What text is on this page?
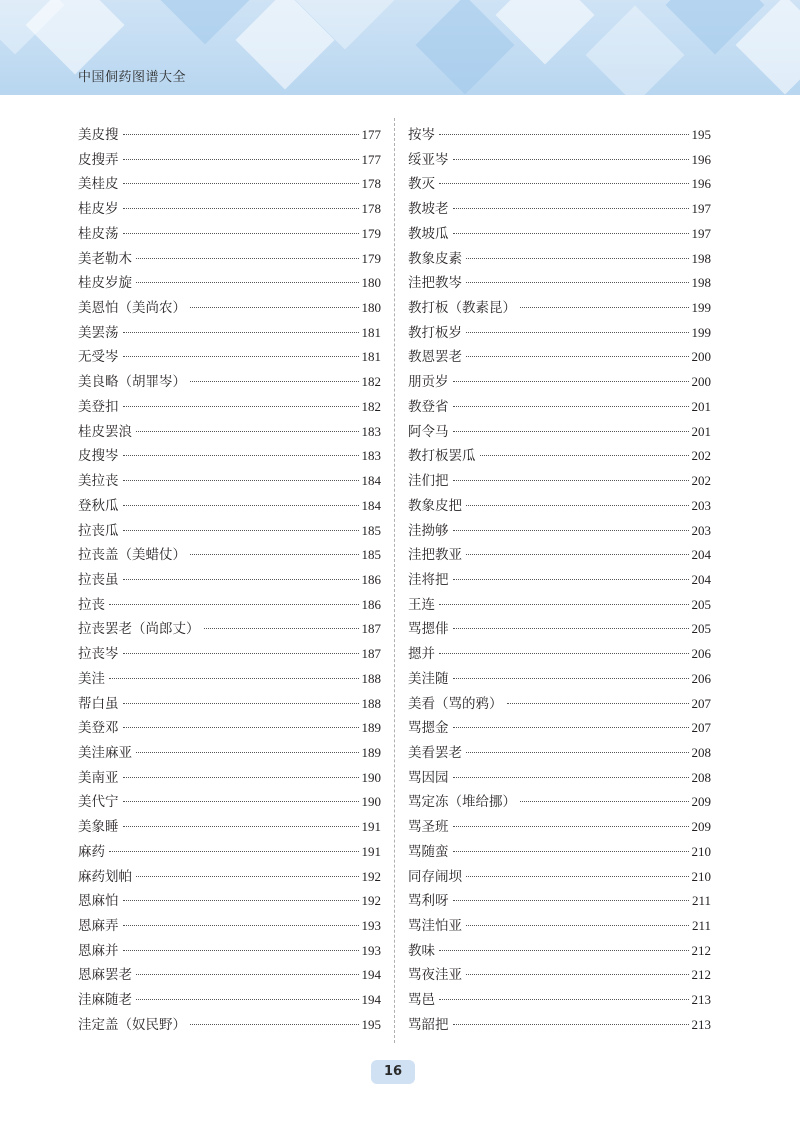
中国侗药图谱大全
美皮搜	177
皮搜弄	177
美桂皮	178
桂皮岁	178
桂皮荡	179
美老勒木	179
桂皮岁旋	180
美恩怕（美尚农）	180
美罢荡	181
无受岑	181
美良略（胡罪岑）	182
美登扣	182
桂皮罢浪	183
皮搜岑	183
美拉丧	184
登秋瓜	184
拉丧瓜	185
拉丧盖（美蜡仗）	185
拉丧虽	186
拉丧	186
拉丧罢老（尚郎丈）	187
拉丧岑	187
美洼	188
帮白虽	188
美登邓	189
美洼麻亚	189
美南亚	190
美代宁	190
美象睡	191
麻药	191
麻药划帕	192
恩麻怕	192
恩麻弄	193
恩麻并	193
恩麻罢老	194
洼麻随老	194
洼定盖（奴民野）	195
按岑	195
绥亚岑	196
教灭	196
教坡老	197
教坡瓜	197
教象皮素	198
洼把教岑	198
教打板（教素昆）	199
教打板岁	199
教恩罢老	200
朋贡岁	200
教登省	201
阿令马	201
教打板罢瓜	202
洼们把	202
教象皮把	203
洼拗够	203
洼把教亚	204
洼将把	204
王连	205
骂摁俳	205
摁并	206
美洼随	206
美看（骂的鸦）	207
骂摁金	207
美看罢老	208
骂因园	208
骂定冻（堆给挪）	209
骂圣班	209
骂随蛮	210
同存闹坝	210
骂利呀	211
骂洼怕亚	211
教味	212
骂夜洼亚	212
骂邑	213
骂韶把	213
16
